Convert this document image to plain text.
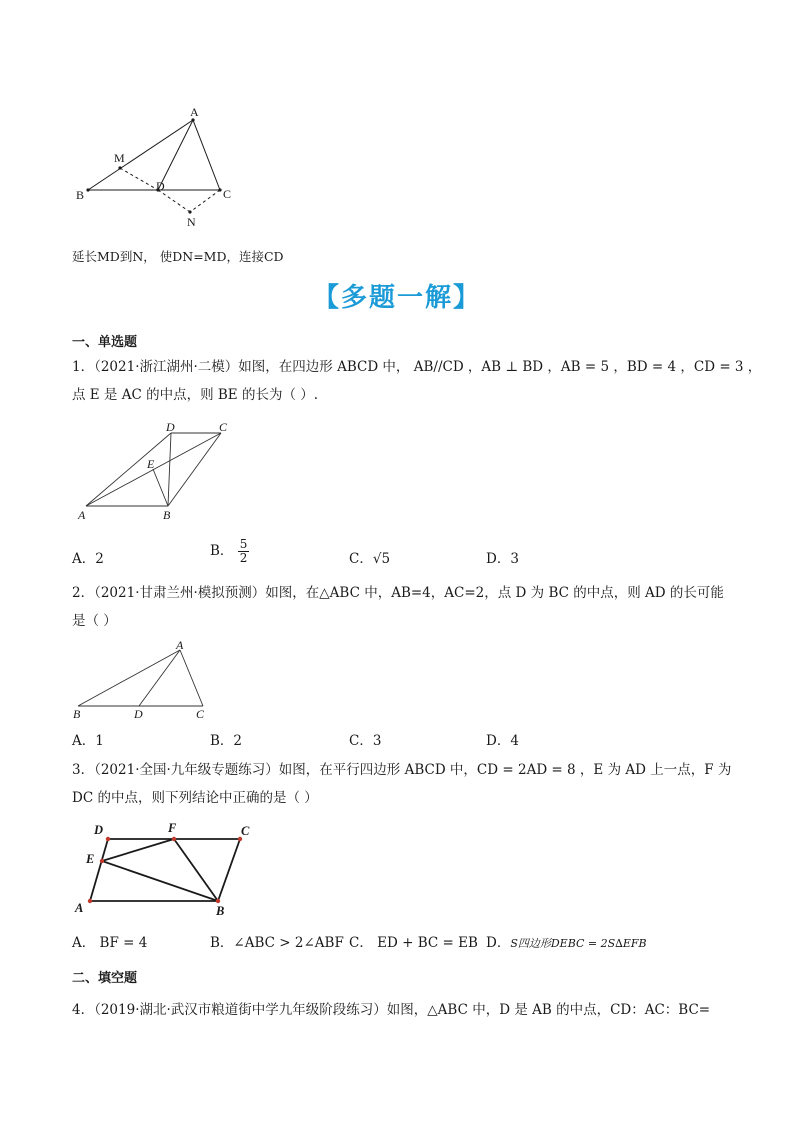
A
M
B
D
C
N
延长MD到N， 使DN=MD，连接CD
【多题一解】
一、单选题
1．（2021·浙江湖州·二模）如图，在四边形 ABCD 中， AB//CD ，AB ⊥ BD ，AB = 5 ，BD = 4 ，CD = 3 ，
点 E 是 AC 的中点，则 BE 的长为（ ）.
D	C
E
A	B
A．2	B． $\frac{5}{2}$	C．√5	D．3
2．（2021·甘肃兰州·模拟预测）如图，在△ABC 中，AB=4，AC=2，点 D 为 BC 的中点，则 AD 的长可能
是（ ）
A
B	D	C
A．1	B．2	C．3	D．4
3．（2021·全国·九年级专题练习）如图，在平行四边形 ABCD 中，CD = 2AD = 8 ，E 为 AD 上一点，F 为
DC 的中点，则下列结论中正确的是（ ）
D	F	C
E
A	B
A． BF = 4	B．∠ABC > 2∠ABF C． ED + BC = EB D．S四边形DEBC = 2S∆EFB
二、填空题
4．（2019·湖北·武汉市粮道街中学九年级阶段练习）如图，△ABC 中，D 是 AB 的中点，CD：AC：BC=
